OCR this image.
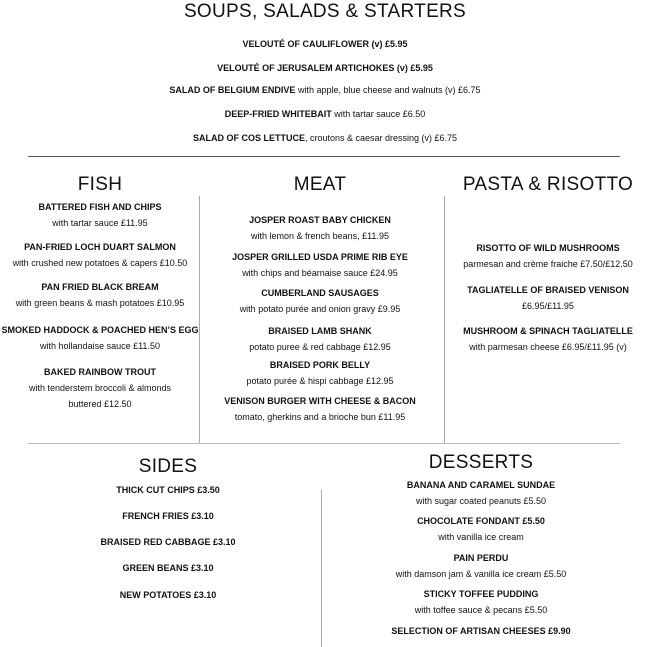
SOUPS, SALADS & STARTERS
VELOUTÉ OF CAULIFLOWER (v) £5.95
VELOUTÉ OF JERUSALEM ARTICHOKES (v) £5.95
SALAD OF BELGIUM ENDIVE with apple, blue cheese and walnuts (v) £6.75
DEEP-FRIED WHITEBAIT with tartar sauce £6.50
SALAD OF COS LETTUCE, croutons & caesar dressing (v) £6.75
FISH
BATTERED FISH AND CHIPS
with tartar sauce £11.95
PAN-FRIED LOCH DUART SALMON
with crushed new potatoes & capers £10.50
PAN FRIED BLACK BREAM
with green beans & mash potatoes £10.95
SMOKED HADDOCK & POACHED HEN’S EGG
with hollandaise sauce £11.50
BAKED RAINBOW TROUT
with tenderstem broccoli & almonds
buttered £12.50
MEAT
JOSPER ROAST BABY CHICKEN
with lemon & french beans, £11.95
JOSPER GRILLED USDA PRIME RIB EYE
with chips and béarnaise sauce £24.95
CUMBERLAND SAUSAGES
with potato purée and onion gravy £9.95
BRAISED LAMB SHANK
potato puree & red cabbage £12.95
BRAISED PORK BELLY
potato purée & hispi cabbage £12.95
VENISON BURGER WITH CHEESE & BACON
tomato, gherkins and a brioche bun £11.95
PASTA & RISOTTO
RISOTTO OF WILD MUSHROOMS
parmesan and crème fraiche £7.50/£12.50
TAGLIATELLE OF BRAISED VENISON
£6.95/£11.95
MUSHROOM & SPINACH TAGLIATELLE
with parmesan cheese £6.95/£11.95 (v)
SIDES
THICK CUT CHIPS £3.50
FRENCH FRIES £3.10
BRAISED RED CABBAGE £3.10
GREEN BEANS £3.10
NEW POTATOES £3.10
DESSERTS
BANANA AND CARAMEL SUNDAE
with sugar coated peanuts £5.50
CHOCOLATE FONDANT £5.50
with vanilla ice cream
PAIN PERDU
with damson jam & vanilla ice cream £5.50
STICKY TOFFEE PUDDING
with toffee sauce & pecans £5.50
SELECTION OF ARTISAN CHEESES £9.90
